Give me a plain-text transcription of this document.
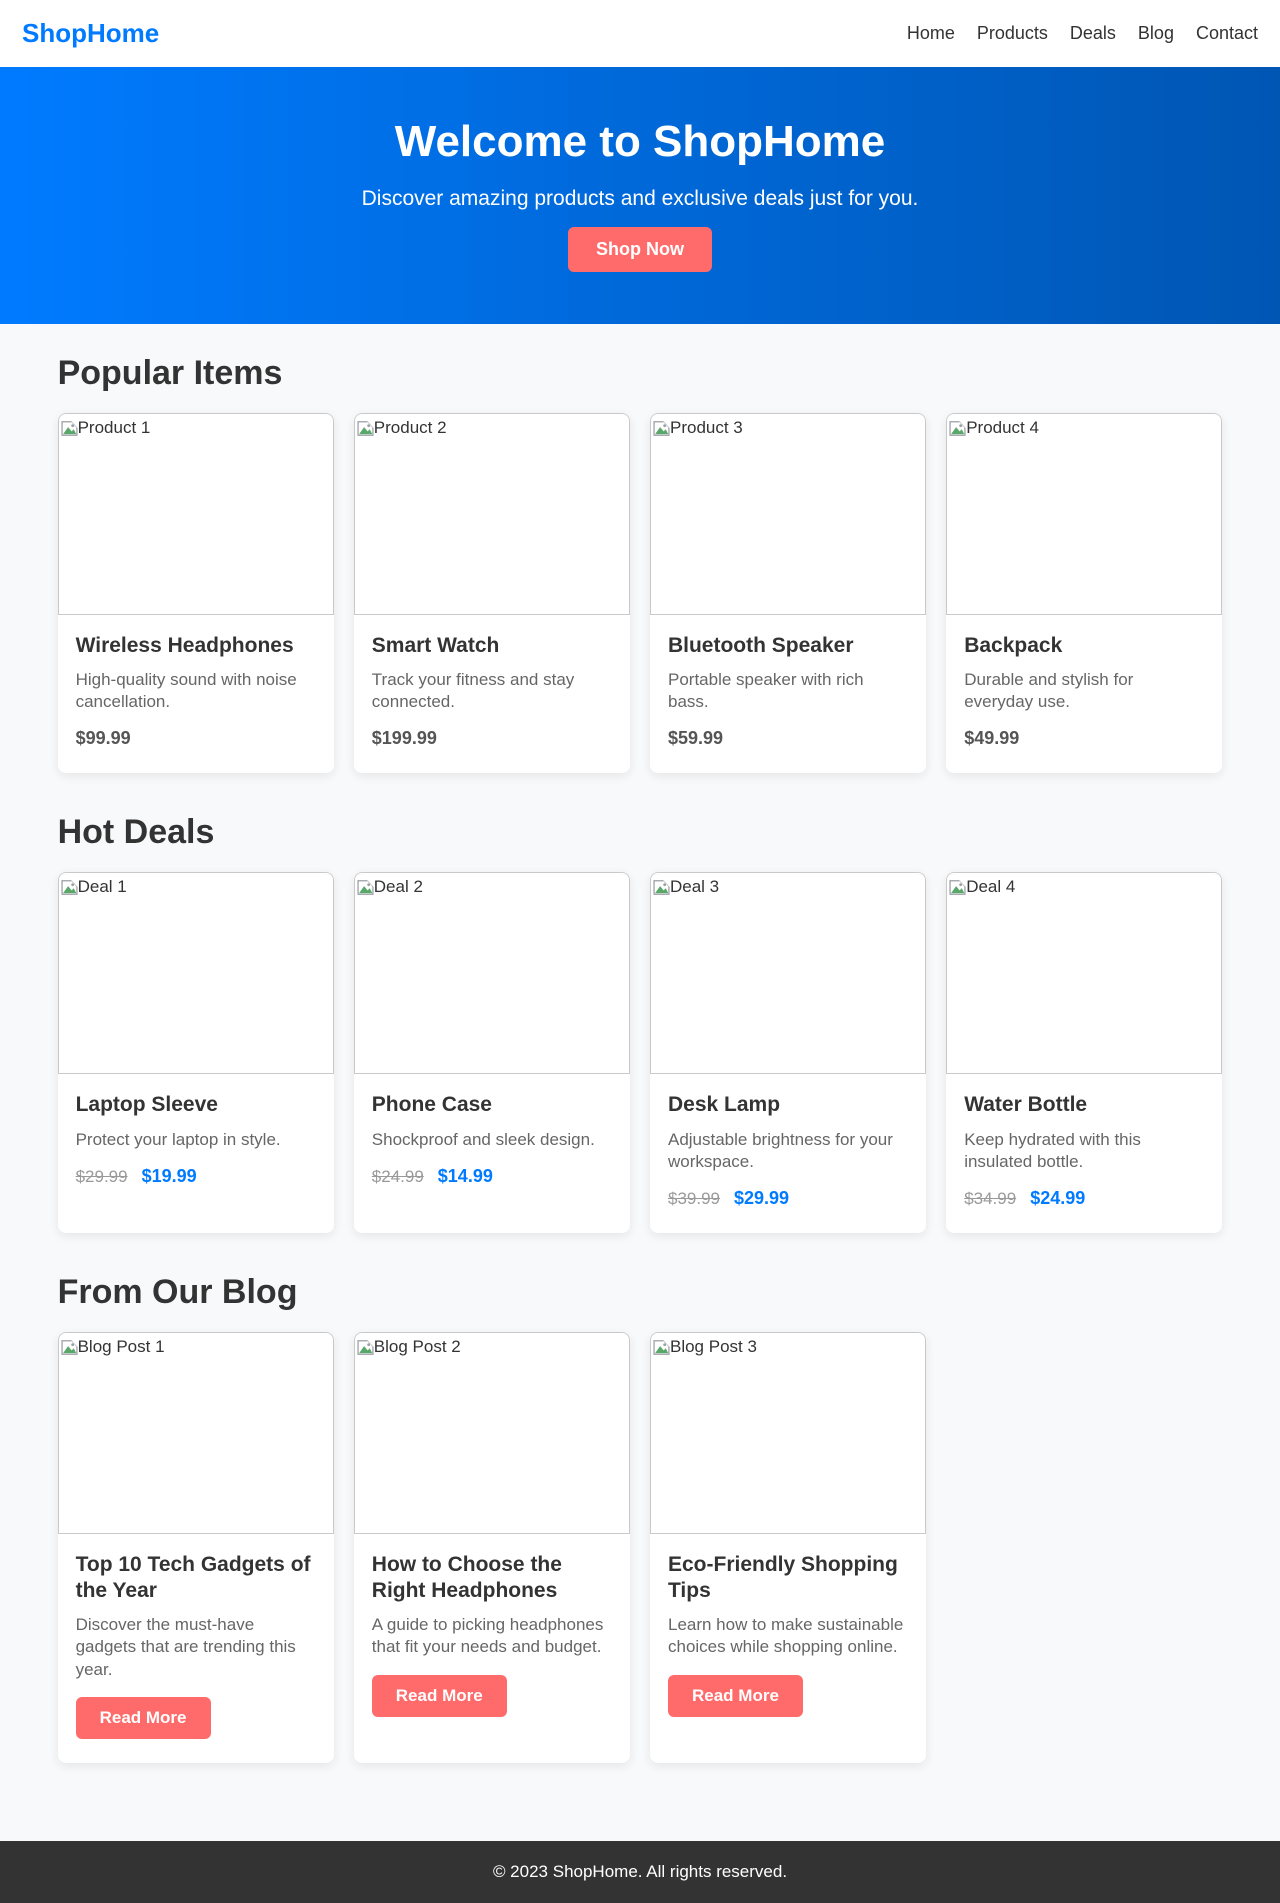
ShopHome	Home Products Deals Blog Contact
Welcome to ShopHome

Discover amazing products and exclusive deals just for you.

Shop Now
Popular Items
Product 1
Wireless Headphones

High-quality sound with noise cancellation.

$99.99

Product 2
Smart Watch

Track your fitness and stay connected.

$199.99

Product 3
Bluetooth Speaker

Portable speaker with rich bass.

$59.99

Product 4
Backpack

Durable and stylish for everyday use.

$49.99

Hot Deals
Deal 1
Laptop Sleeve

Protect your laptop in style.

$29.99 $19.99

Deal 2
Phone Case

Shockproof and sleek design.

$24.99 $14.99

Deal 3
Desk Lamp

Adjustable brightness for your workspace.

$39.99 $29.99

Deal 4
Water Bottle

Keep hydrated with this insulated bottle.

$34.99 $24.99

From Our Blog
Blog Post 1
Top 10 Tech Gadgets of the Year

Discover the must-have gadgets that are trending this year.

Read More
Blog Post 2
How to Choose the Right Headphones

A guide to picking headphones that fit your needs and budget.

Read More
Blog Post 3
Eco-Friendly Shopping Tips

Learn how to make sustainable choices while shopping online.

Read More

© 2023 ShopHome. All rights reserved.
